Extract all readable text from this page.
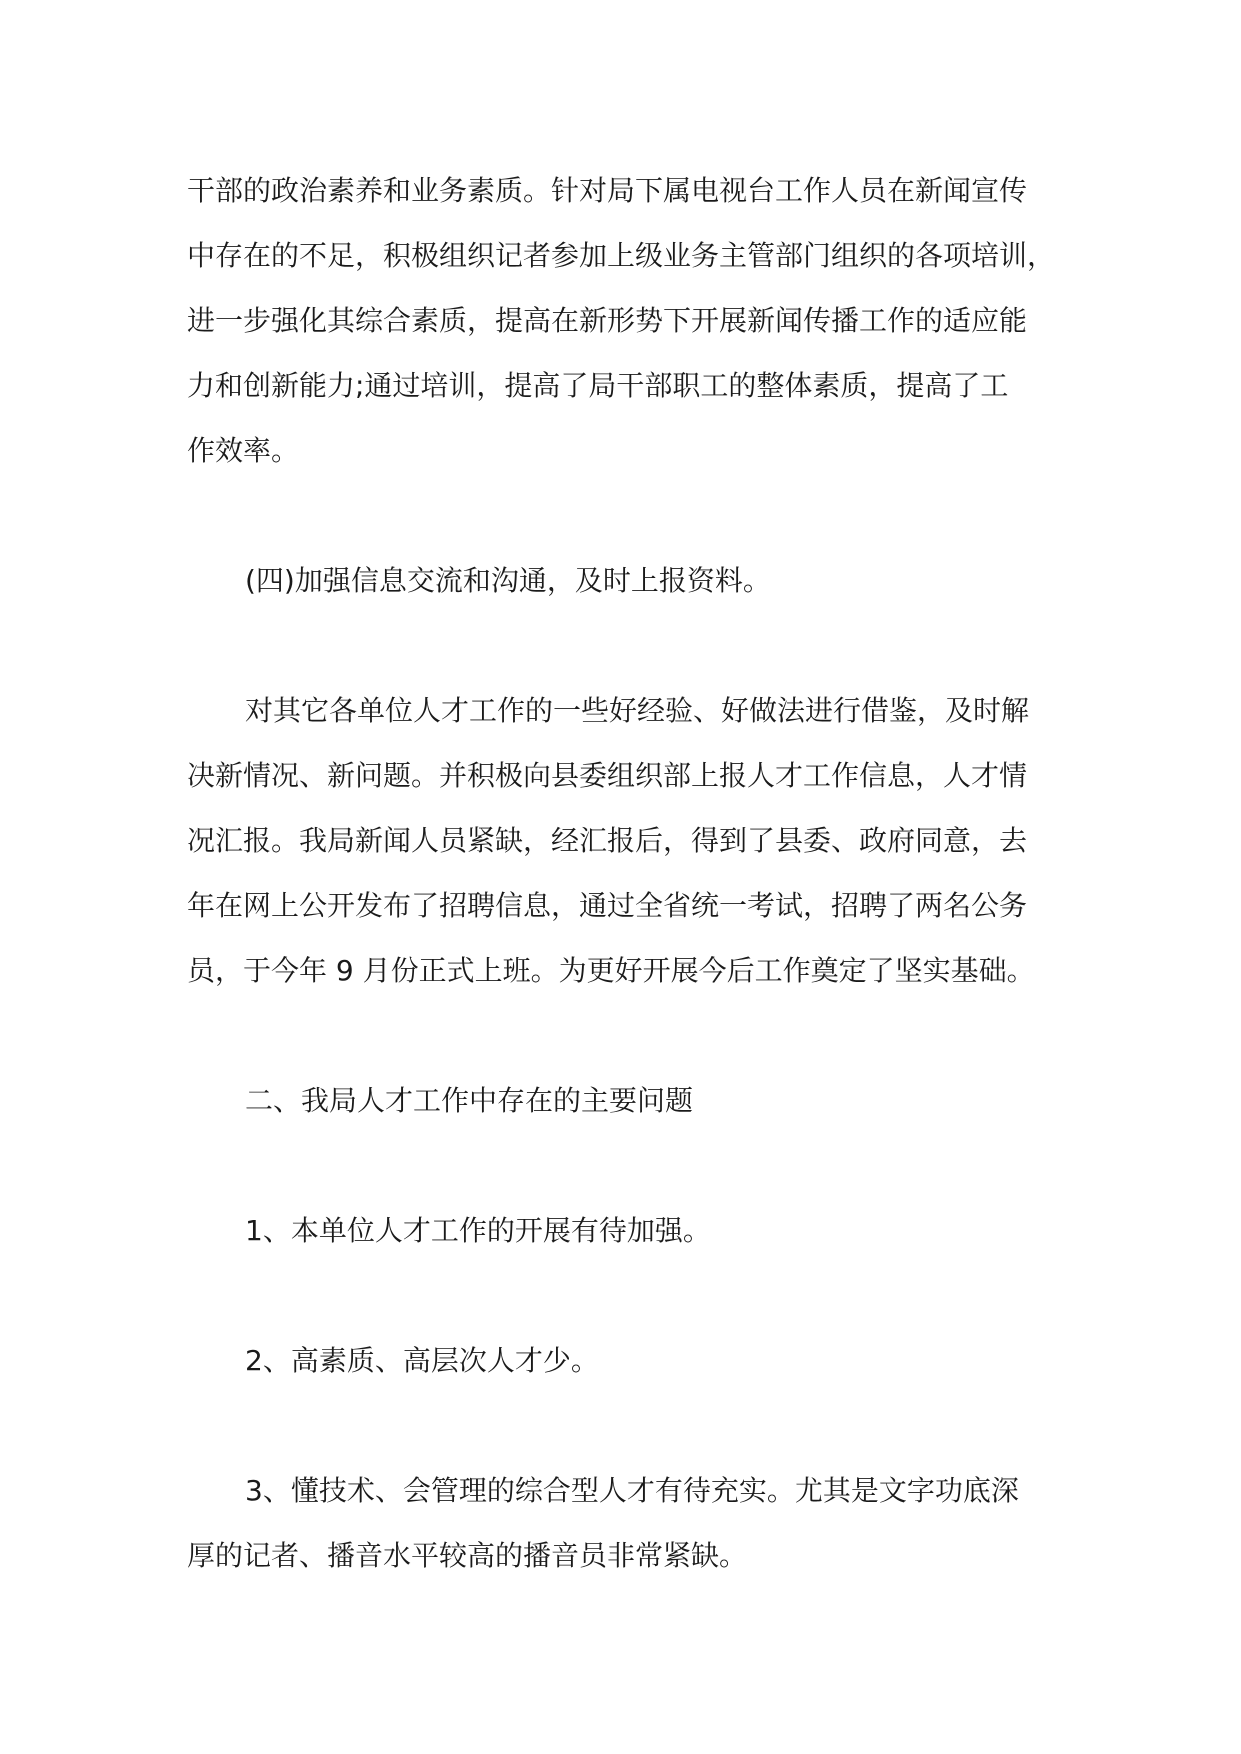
干部的政治素养和业务素质。针对局下属电视台工作人员在新闻宣传

中存在的不足，积极组织记者参加上级业务主管部门组织的各项培训，

进一步强化其综合素质，提高在新形势下开展新闻传播工作的适应能

力和创新能力;通过培训，提高了局干部职工的整体素质，提高了工

作效率。

(四)加强信息交流和沟通，及时上报资料。

对其它各单位人才工作的一些好经验、好做法进行借鉴，及时解

决新情况、新问题。并积极向县委组织部上报人才工作信息，人才情

况汇报。我局新闻人员紧缺，经汇报后，得到了县委、政府同意，去

年在网上公开发布了招聘信息，通过全省统一考试，招聘了两名公务

员，于今年 9 月份正式上班。为更好开展今后工作奠定了坚实基础。

二、我局人才工作中存在的主要问题

1、本单位人才工作的开展有待加强。

2、高素质、高层次人才少。

3、懂技术、会管理的综合型人才有待充实。尤其是文字功底深

厚的记者、播音水平较高的播音员非常紧缺。
